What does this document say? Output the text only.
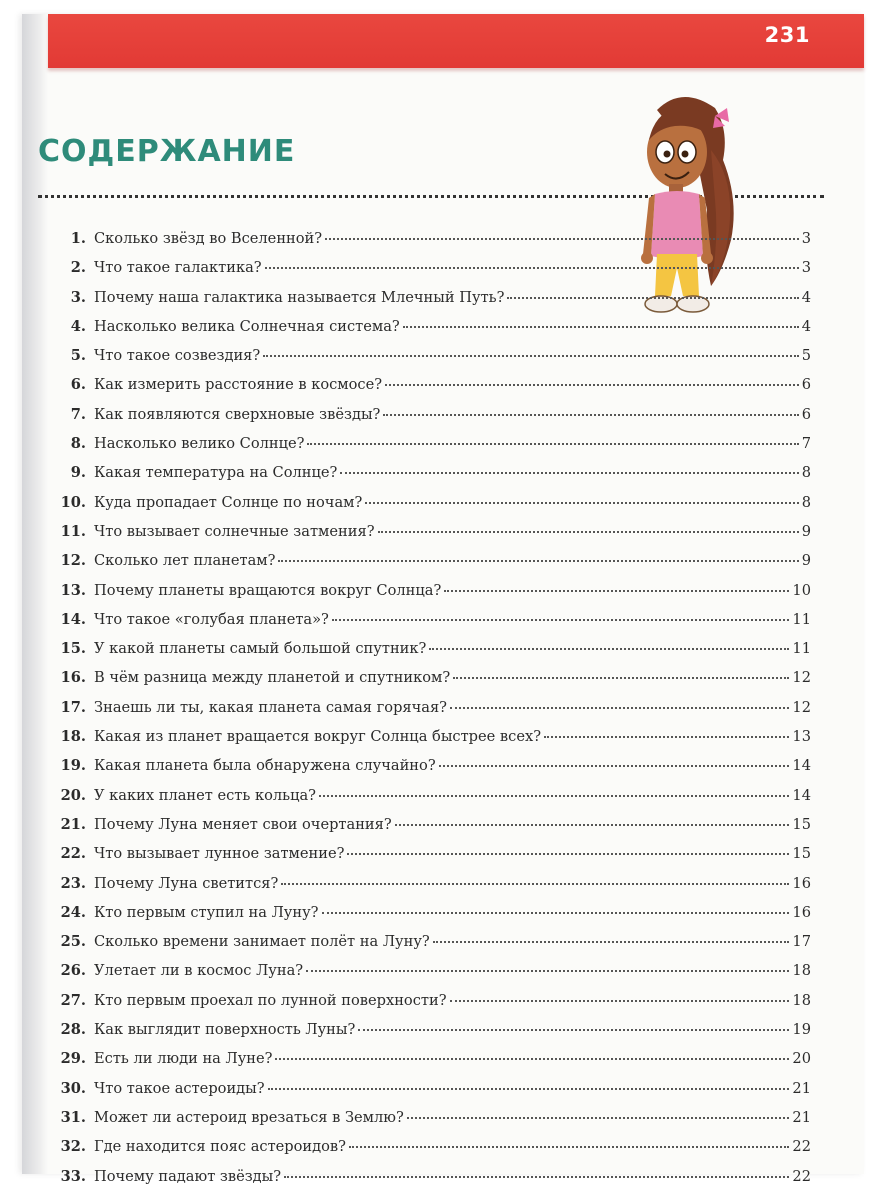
231
СОДЕРЖАНИЕ
1. Сколько звёзд во Вселенной?	3
2. Что такое галактика?	3
3. Почему наша галактика называется Млечный Путь?	4
4. Насколько велика Солнечная система?	4
5. Что такое созвездия?	5
6. Как измерить расстояние в космосе?	6
7. Как появляются сверхновые звёзды?	6
8. Насколько велико Солнце?	7
9. Какая температура на Солнце?	8
10. Куда пропадает Солнце по ночам?	8
11. Что вызывает солнечные затмения?	9
12. Сколько лет планетам?	9
13. Почему планеты вращаются вокруг Солнца?	10
14. Что такое «голубая планета»?	11
15. У какой планеты самый большой спутник?	11
16. В чём разница между планетой и спутником?	12
17. Знаешь ли ты, какая планета самая горячая?	12
18. Какая из планет вращается вокруг Солнца быстрее всех?	13
19. Какая планета была обнаружена случайно?	14
20. У каких планет есть кольца?	14
21. Почему Луна меняет свои очертания?	15
22. Что вызывает лунное затмение?	15
23. Почему Луна светится?	16
24. Кто первым ступил на Луну?	16
25. Сколько времени занимает полёт на Луну?	17
26. Улетает ли в космос Луна?	18
27. Кто первым проехал по лунной поверхности?	18
28. Как выглядит поверхность Луны?	19
29. Есть ли люди на Луне?	20
30. Что такое астероиды?	21
31. Может ли астероид врезаться в Землю?	21
32. Где находится пояс астероидов?	22
33. Почему падают звёзды?	22
